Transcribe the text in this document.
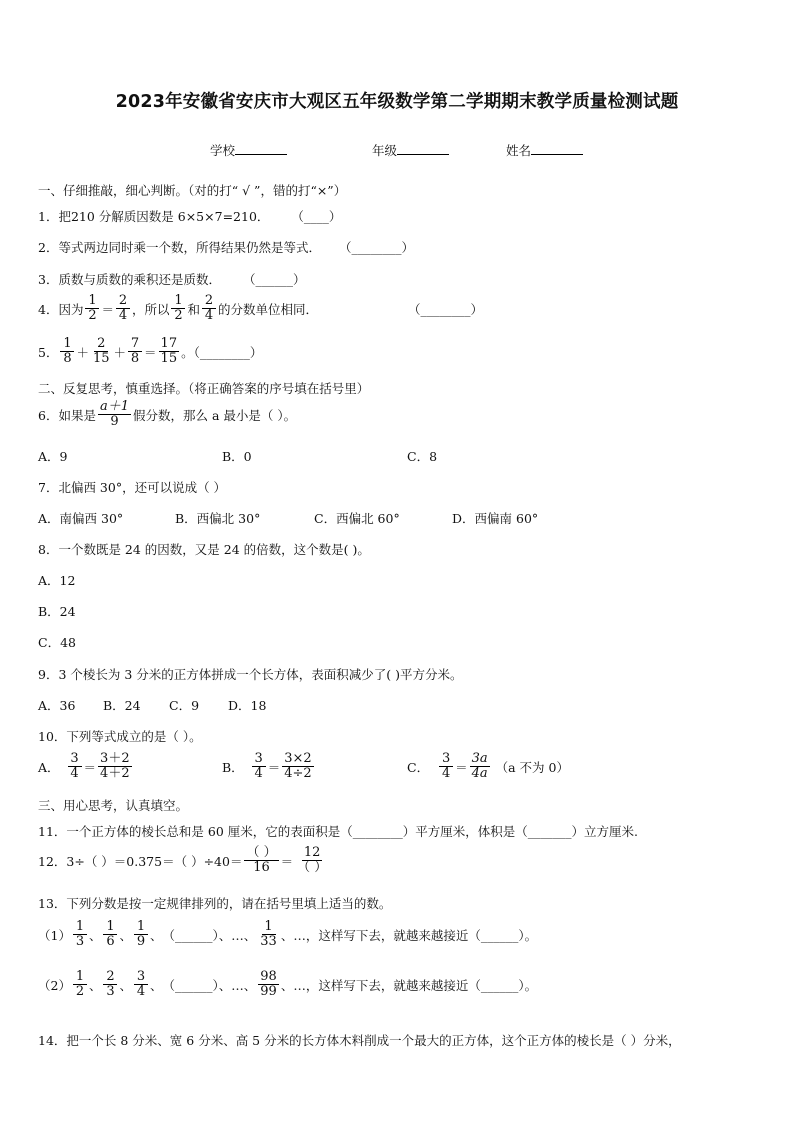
2023年安徽省安庆市大观区五年级数学第二学期期末教学质量检测试题
学校	年级	姓名
一、仔细推敲，细心判断。（对的打“ √ ”，错的打“×”）
1．把210 分解质因数是 6×5×7=210． （____）
2．等式两边同时乘一个数，所得结果仍然是等式． （________）
3．质数与质数的乘积还是质数． （______）
4．因为 $\frac{1}{2} = \frac{2}{4}$ ，所以 $\frac{1}{2}$ 和 $\frac{2}{4}$ 的分数单位相同．	（________）
5． $\frac{1}{8} + \frac{2}{15} + \frac{7}{8} = \frac{17}{15}$ 。（________）
二、反复思考，慎重选择。（将正确答案的序号填在括号里）
6．如果是 $\frac{a+1}{9}$ 假分数，那么 a 最小是（ ）。
A．9	B．0	C．8
7．北偏西 30°，还可以说成（ ）
A．南偏西 30°	B．西偏北 30°	C．西偏北 60°	D．西偏南 60°
8．一个数既是 24 的因数，又是 24 的倍数，这个数是( )。
A．12
B．24
C．48
9．3 个棱长为 3 分米的正方体拼成一个长方体，表面积减少了( )平方分米。
A．36 B．24 C．9 D．18
10．下列等式成立的是（ ）。
A． $\frac{3}{4} = \frac{3+2}{4+2}$	B． $\frac{3}{4} = \frac{3\times 2}{4\div 2}$	C． $\frac{3}{4} = \frac{3a}{4a} (a$ 不为 0）
三、用心思考，认真填空。
11．一个正方体的棱长总和是 60 厘米，它的表面积是（________）平方厘米，体积是（_______）立方厘米.
12．3÷（ ）＝0.375＝（ ）$\div 40= \frac{( )}{16} = \frac{12}{( )}$
13．下列分数是按一定规律排列的，请在括号里填上适当的数。
$(1) \frac{1}{3}$ 、 $\frac{1}{6}$ 、 $\frac{1}{9}$ 、 （______）、…、 $\frac{1}{33}$ 、…，这样写下去，就越来越接近（______）。
$(2) \frac{1}{2}$ 、 $\frac{2}{3}$ 、 $\frac{3}{4}$ 、 （______）、…、 $\frac{98}{99}$ 、…，这样写下去，就越来越接近（______）。
14．把一个长 8 分米、宽 6 分米、高 5 分米的长方体木料削成一个最大的正方体，这个正方体的棱长是（ ）分米，
